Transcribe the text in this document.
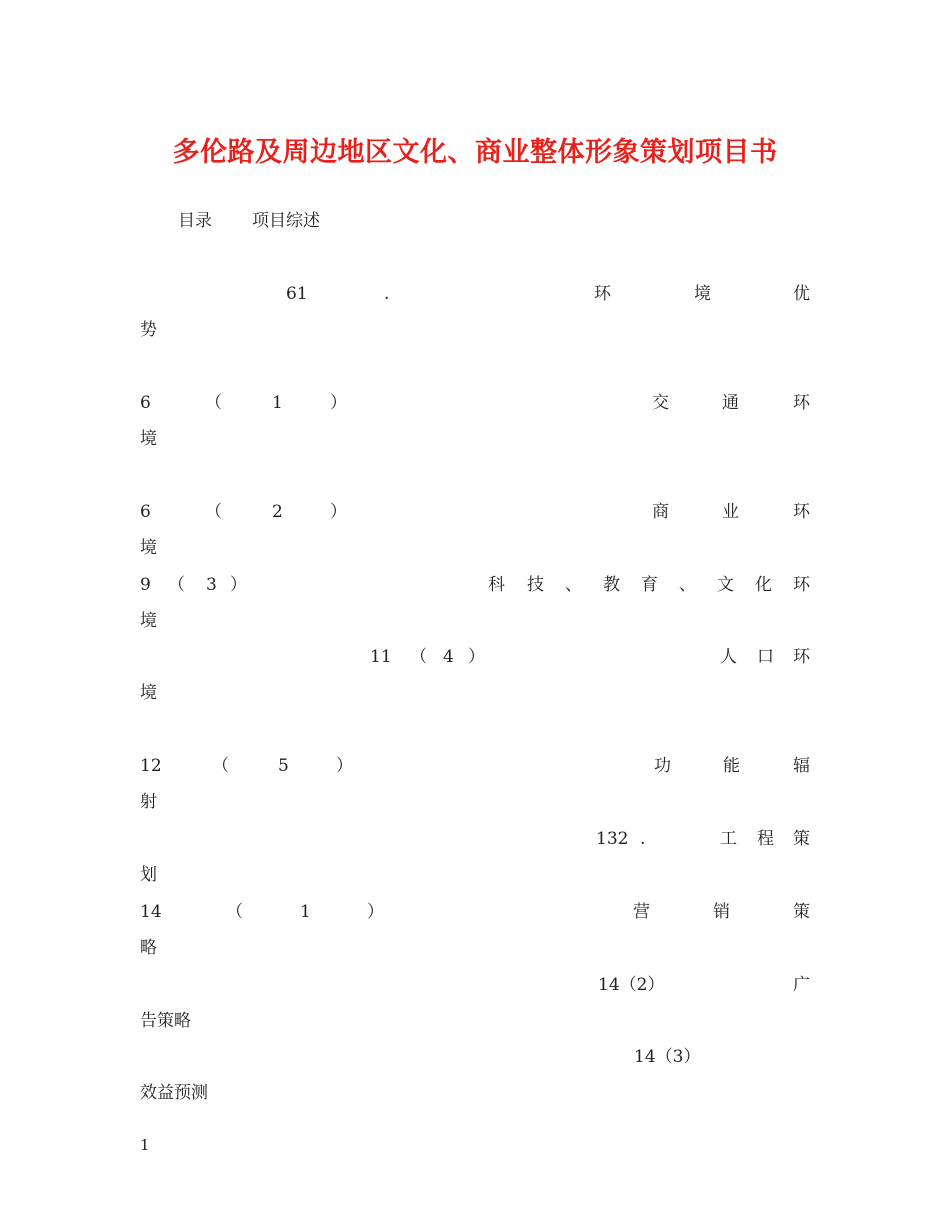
多伦路及周边地区文化、商业整体形象策划项目书
目录 项目综述
61	.	环	境	优
势
6	（	1	）	交	通	环
境
6	（	2	）	商	业	环
境
9 （ 3 ）	科 技 、 教 育 、 文 化 环
境
11 （ 4 ）	人 口 环
境
12	（	5	）	功	能	辐
射
132 .	工 程 策
划
14	（	1	）	营	销	策
略
14（2）	广
告策略
14（3）
效益预测
1
